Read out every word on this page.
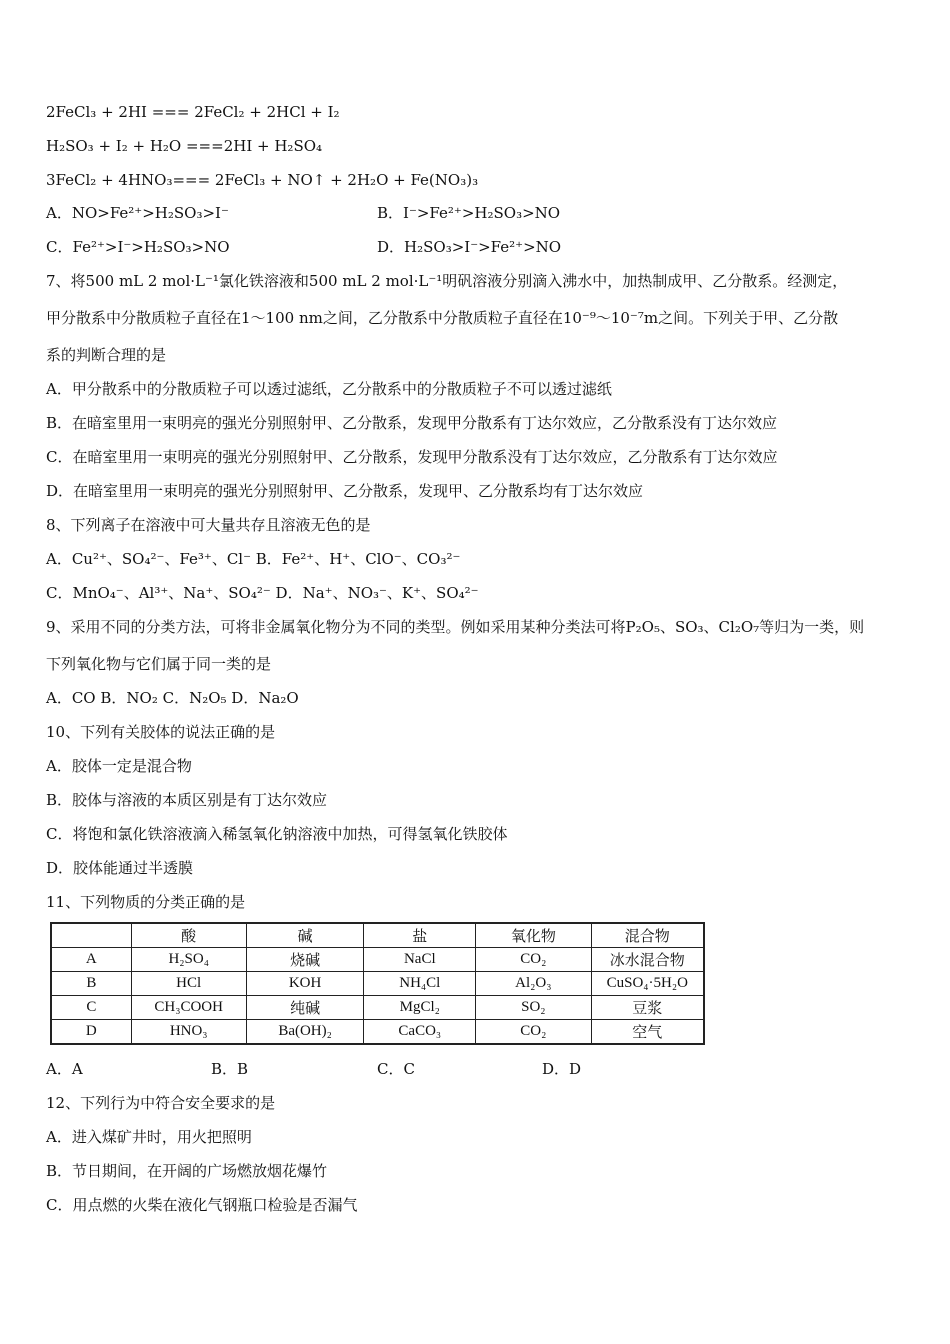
2FeCl₃ + 2HI === 2FeCl₂ + 2HCl + I₂
H₂SO₃ + I₂ + H₂O ===2HI + H₂SO₄
3FeCl₂ + 4HNO₃=== 2FeCl₃ + NO↑ + 2H₂O + Fe(NO₃)₃
A．NO>Fe²⁺>H₂SO₃>I⁻	B．I⁻>Fe²⁺>H₂SO₃>NO
C．Fe²⁺>I⁻>H₂SO₃>NO	D．H₂SO₃>I⁻>Fe²⁺>NO
7、将500 mL 2 mol·L⁻¹氯化铁溶液和500 mL 2 mol·L⁻¹明矾溶液分别滴入沸水中，加热制成甲、乙分散系。经测定，
甲分散系中分散质粒子直径在1～100 nm之间，乙分散系中分散质粒子直径在10⁻⁹～10⁻⁷m之间。下列关于甲、乙分散
系的判断合理的是
A．甲分散系中的分散质粒子可以透过滤纸，乙分散系中的分散质粒子不可以透过滤纸
B．在暗室里用一束明亮的强光分别照射甲、乙分散系，发现甲分散系有丁达尔效应，乙分散系没有丁达尔效应
C．在暗室里用一束明亮的强光分别照射甲、乙分散系，发现甲分散系没有丁达尔效应，乙分散系有丁达尔效应
D．在暗室里用一束明亮的强光分别照射甲、乙分散系，发现甲、乙分散系均有丁达尔效应
8、下列离子在溶液中可大量共存且溶液无色的是
A．Cu²⁺、SO₄²⁻、Fe³⁺、Cl⁻ B．Fe²⁺、H⁺、ClO⁻、CO₃²⁻
C．MnO₄⁻、Al³⁺、Na⁺、SO₄²⁻ D．Na⁺、NO₃⁻、K⁺、SO₄²⁻
9、采用不同的分类方法，可将非金属氧化物分为不同的类型。例如采用某种分类法可将P₂O₅、SO₃、Cl₂O₇等归为一类，则
下列氧化物与它们属于同一类的是
A．CO B．NO₂ C．N₂O₅ D．Na₂O
10、下列有关胶体的说法正确的是
A．胶体一定是混合物
B．胶体与溶液的本质区别是有丁达尔效应
C．将饱和氯化铁溶液滴入稀氢氧化钠溶液中加热，可得氢氧化铁胶体
D．胶体能通过半透膜
11、下列物质的分类正确的是
	酸	碱	盐	氧化物	混合物
A	H₂SO₄	烧碱	NaCl	CO₂	冰水混合物
B	HCl	KOH	NH₄Cl	Al₂O₃	CuSO₄·5H₂O
C	CH₃COOH	纯碱	MgCl₂	SO₂	豆浆
D	HNO₃	Ba(OH)₂	CaCO₃	CO₂	空气
A．A	B．B	C．C	D．D
12、下列行为中符合安全要求的是
A．进入煤矿井时，用火把照明
B．节日期间，在开阔的广场燃放烟花爆竹
C．用点燃的火柴在液化气钢瓶口检验是否漏气
